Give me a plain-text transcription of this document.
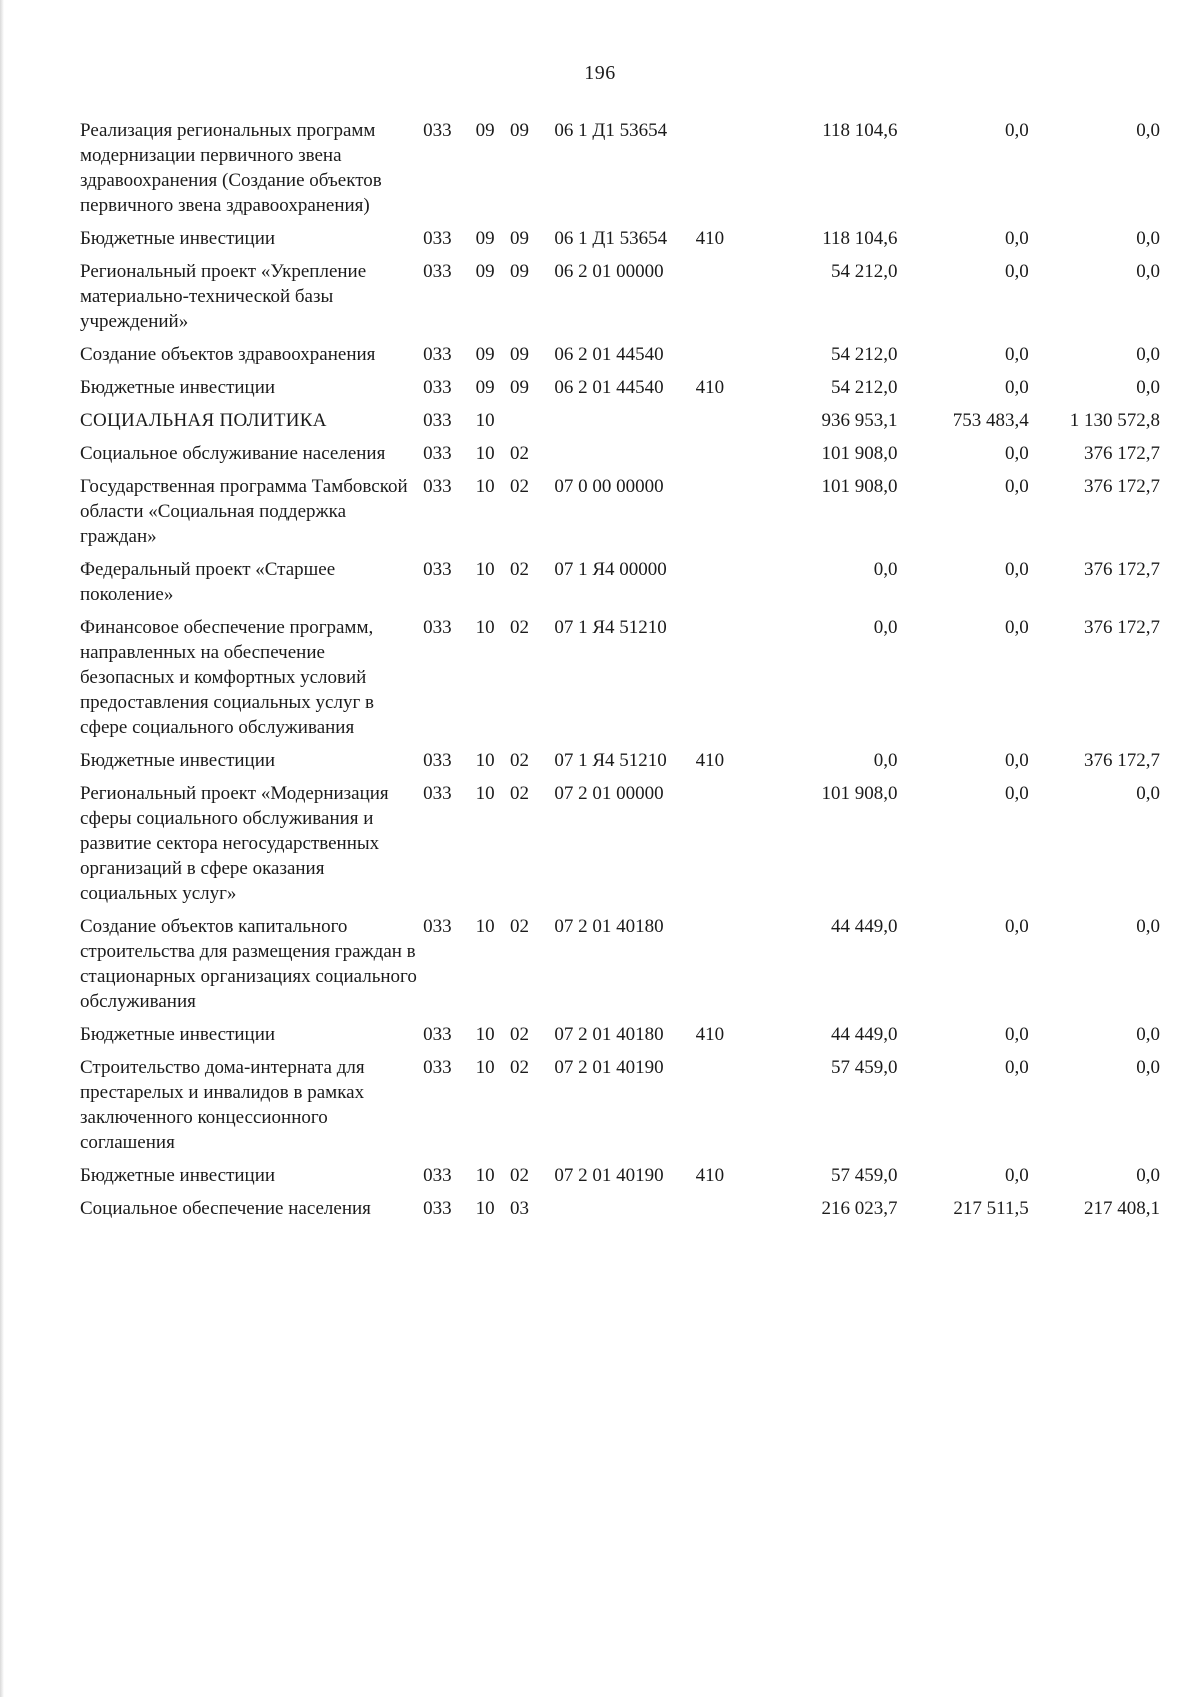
196
Реализация региональных программ модернизации первичного звена здравоохранения (Создание объектов первичного звена здравоохранения)	033	09	09	06 1 Д1 53654		118 104,6	0,0	0,0
Бюджетные инвестиции	033	09	09	06 1 Д1 53654	410	118 104,6	0,0	0,0
Региональный проект «Укрепление материально-технической базы учреждений»	033	09	09	06 2 01 00000		54 212,0	0,0	0,0
Создание объектов здравоохранения	033	09	09	06 2 01 44540		54 212,0	0,0	0,0
Бюджетные инвестиции	033	09	09	06 2 01 44540	410	54 212,0	0,0	0,0
СОЦИАЛЬНАЯ ПОЛИТИКА	033	10				936 953,1	753 483,4	1 130 572,8
Социальное обслуживание населения	033	10	02			101 908,0	0,0	376 172,7
Государственная программа Тамбовской области «Социальная поддержка граждан»	033	10	02	07 0 00 00000		101 908,0	0,0	376 172,7
Федеральный проект «Старшее поколение»	033	10	02	07 1 Я4 00000		0,0	0,0	376 172,7
Финансовое обеспечение программ, направленных на обеспечение безопасных и комфортных условий предоставления социальных услуг в сфере социального обслуживания	033	10	02	07 1 Я4 51210		0,0	0,0	376 172,7
Бюджетные инвестиции	033	10	02	07 1 Я4 51210	410	0,0	0,0	376 172,7
Региональный проект «Модернизация сферы социального обслуживания и развитие сектора негосударственных организаций в сфере оказания социальных услуг»	033	10	02	07 2 01 00000		101 908,0	0,0	0,0
Создание объектов капитального строительства для размещения граждан в стационарных организациях социального обслуживания	033	10	02	07 2 01 40180		44 449,0	0,0	0,0
Бюджетные инвестиции	033	10	02	07 2 01 40180	410	44 449,0	0,0	0,0
Строительство дома-интерната для престарелых и инвалидов в рамках заключенного концессионного соглашения	033	10	02	07 2 01 40190		57 459,0	0,0	0,0
Бюджетные инвестиции	033	10	02	07 2 01 40190	410	57 459,0	0,0	0,0
Социальное обеспечение населения	033	10	03			216 023,7	217 511,5	217 408,1
